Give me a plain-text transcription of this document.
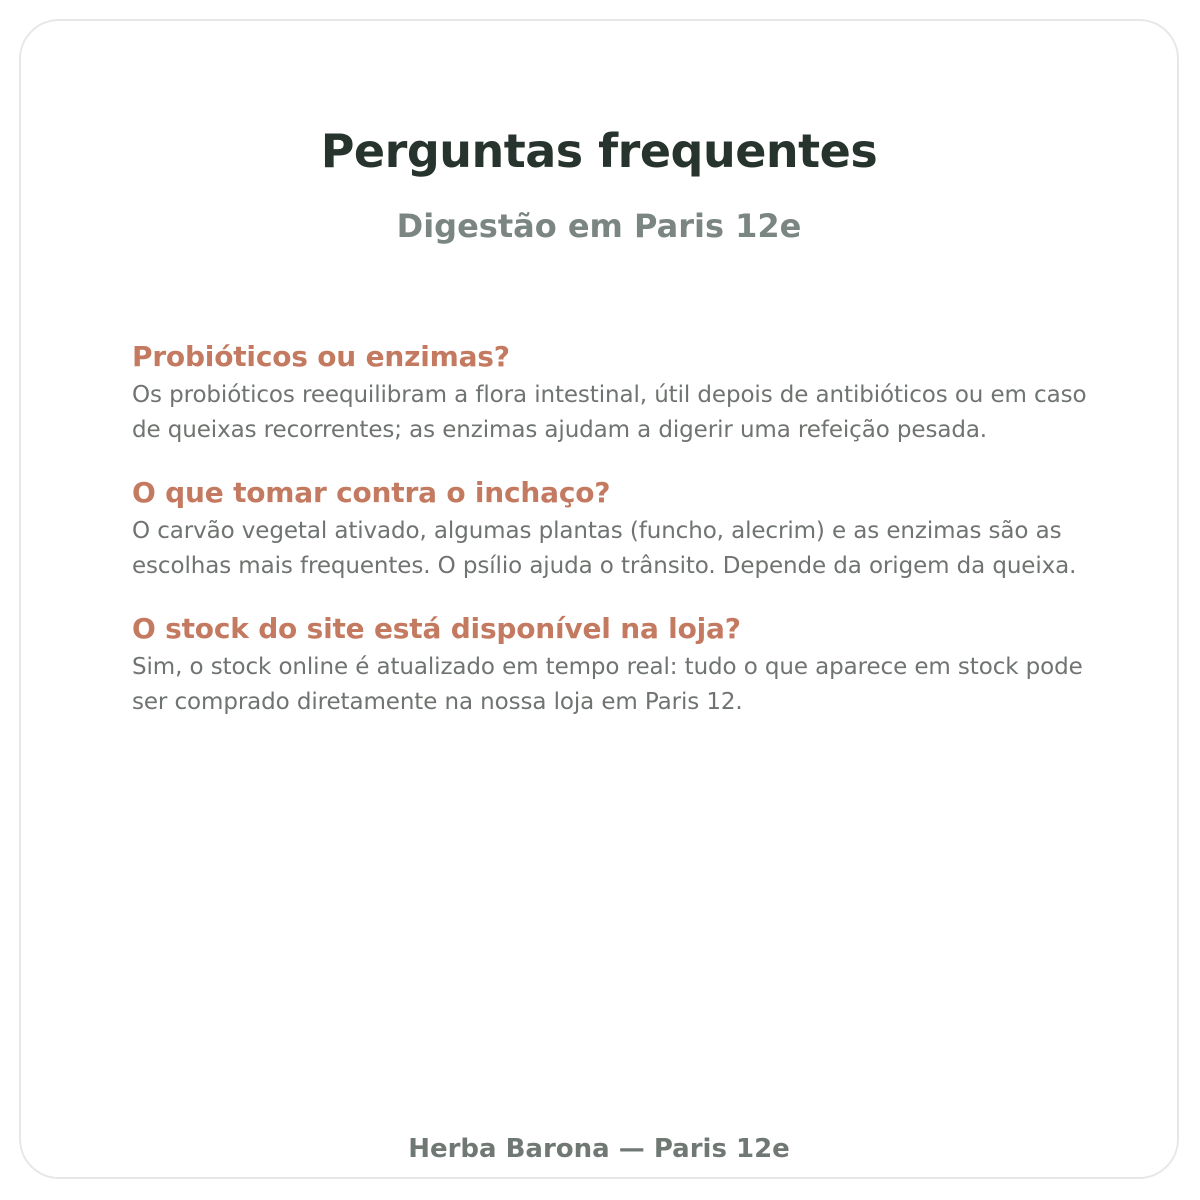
Perguntas frequentes
Digestão em Paris 12e
Probióticos ou enzimas?

Os probióticos reequilibram a flora intestinal, útil depois de antibióticos ou em caso de queixas recorrentes; as enzimas ajudam a digerir uma refeição pesada.

O que tomar contra o inchaço?

O carvão vegetal ativado, algumas plantas (funcho, alecrim) e as enzimas são as escolhas mais frequentes. O psílio ajuda o trânsito. Depende da origem da queixa.

O stock do site está disponível na loja?

Sim, o stock online é atualizado em tempo real: tudo o que aparece em stock pode ser comprado diretamente na nossa loja em Paris 12.

Herba Barona — Paris 12e
